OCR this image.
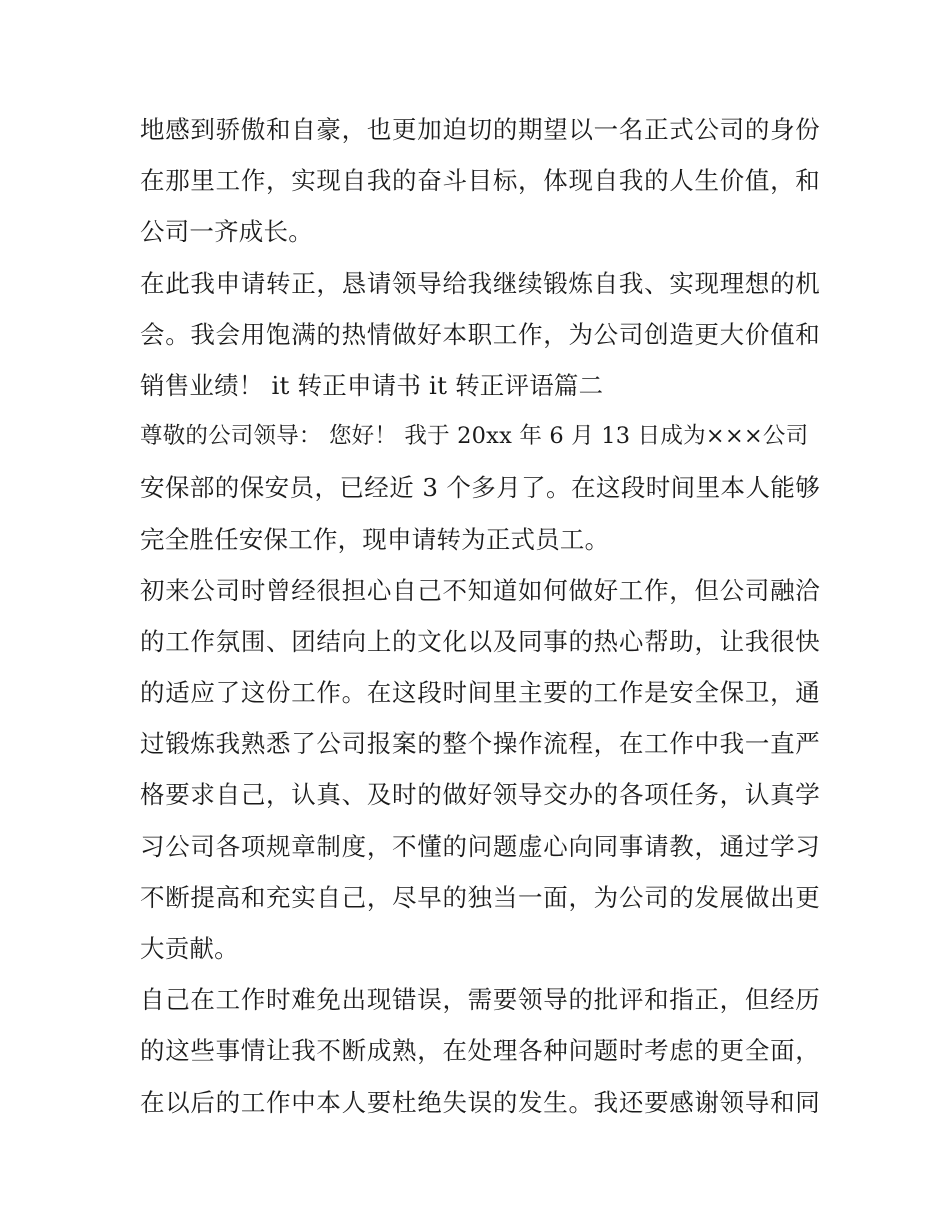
地感到骄傲和自豪，也更加迫切的期望以一名正式公司的身份
在那里工作，实现自我的奋斗目标，体现自我的人生价值，和
公司一齐成长。
在此我申请转正，恳请领导给我继续锻炼自我、实现理想的机
会。我会用饱满的热情做好本职工作，为公司创造更大价值和
销售业绩！ it 转正申请书 it 转正评语篇二
尊敬的公司领导： 您好！ 我于 20xx 年 6 月 13 日成为×××公司
安保部的保安员，已经近 3 个多月了。在这段时间里本人能够
完全胜任安保工作，现申请转为正式员工。
初来公司时曾经很担心自己不知道如何做好工作，但公司融洽
的工作氛围、团结向上的文化以及同事的热心帮助，让我很快
的适应了这份工作。在这段时间里主要的工作是安全保卫，通
过锻炼我熟悉了公司报案的整个操作流程，在工作中我一直严
格要求自己，认真、及时的做好领导交办的各项任务，认真学
习公司各项规章制度，不懂的问题虚心向同事请教，通过学习
不断提高和充实自己，尽早的独当一面，为公司的发展做出更
大贡献。
自己在工作时难免出现错误，需要领导的批评和指正，但经历
的这些事情让我不断成熟，在处理各种问题时考虑的更全面，
在以后的工作中本人要杜绝失误的发生。我还要感谢领导和同
